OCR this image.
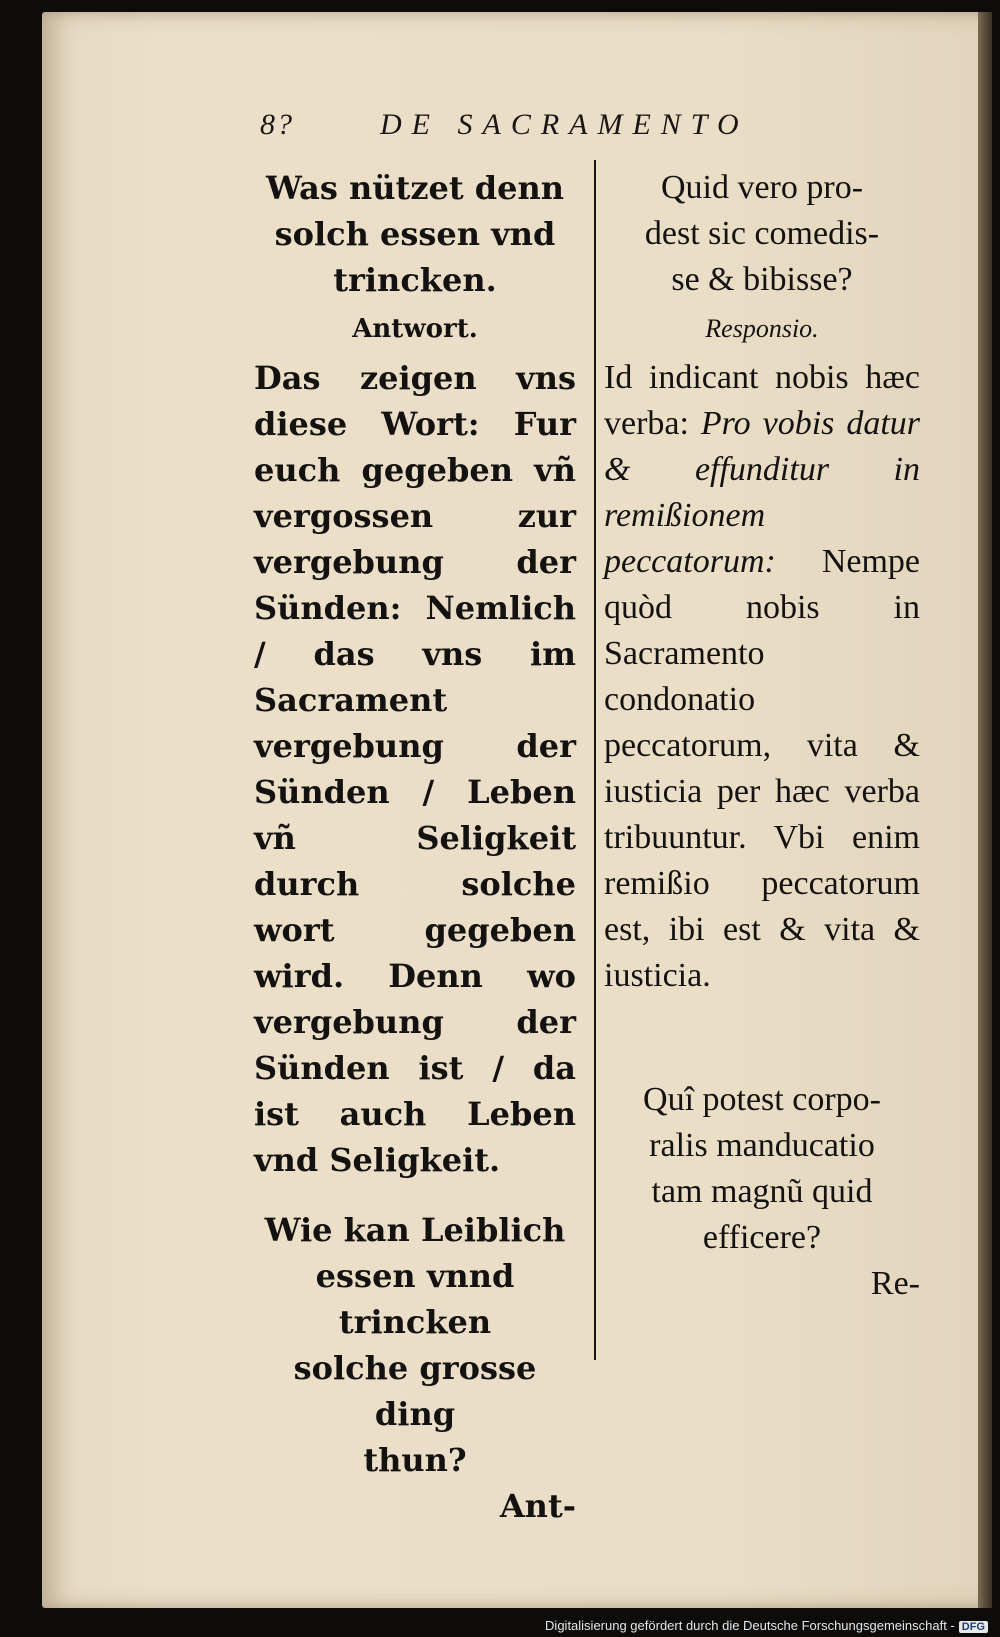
8?	DE SACRAMENTO
Was nützet denn
solch essen vnd
trincken.
Antwort.
Das zeigen vns diese Wort: Fur euch gegeben vñ vergossen zur vergebung der Sünden: Nemlich / das vns im Sacrament vergebung der Sünden / Leben vñ Seligkeit durch solche wort gegeben wird. Denn wo vergebung der Sünden ist / da ist auch Leben vnd Seligkeit.
Wie kan Leiblich
essen vnnd trincken
solche grosse ding
thun?
Ant-
Quid vero pro-
dest sic comedis-
se & bibisse?
Responsio.
Id indicant nobis hæc verba: Pro vobis datur & effunditur in remißionem peccatorum: Nempe quòd nobis in Sacramento condonatio peccatorum, vita & iusticia per hæc verba tribuuntur. Vbi enim remißio peccatorum est, ibi est & vita & iusticia.
Quî potest corpo-
ralis manducatio
tam magnũ quid
efficere?
Re-
Digitalisierung gefördert durch die Deutsche Forschungsgemeinschaft - DFG
